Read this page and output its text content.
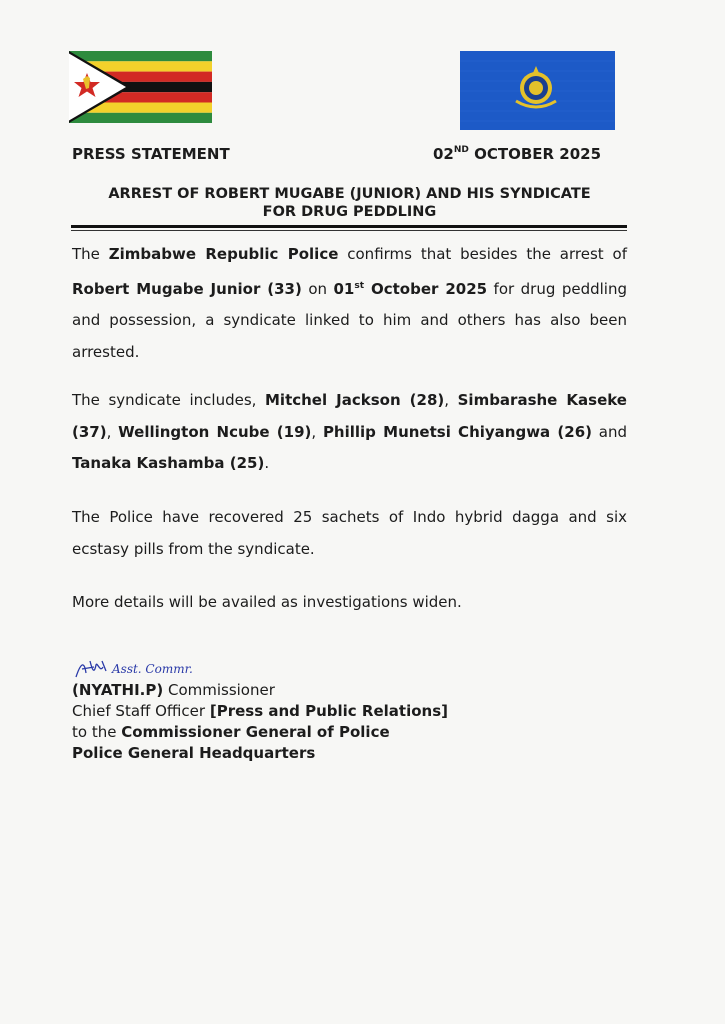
PRESS STATEMENT	02ND OCTOBER 2025
ARREST OF ROBERT MUGABE (JUNIOR) AND HIS SYNDICATE
FOR DRUG PEDDLING
The Zimbabwe Republic Police confirms that besides the arrest of Robert Mugabe Junior (33) on 01st October 2025 for drug peddling and possession, a syndicate linked to him and others has also been arrested.
The syndicate includes, Mitchel Jackson (28), Simbarashe Kaseke (37), Wellington Ncube (19), Phillip Munetsi Chiyangwa (26) and Tanaka Kashamba (25).
The Police have recovered 25 sachets of Indo hybrid dagga and six ecstasy pills from the syndicate.
More details will be availed as investigations widen.
Asst. Commr.
(NYATHI.P) Commissioner
Chief Staff Officer [Press and Public Relations]
to the Commissioner General of Police
Police General Headquarters
